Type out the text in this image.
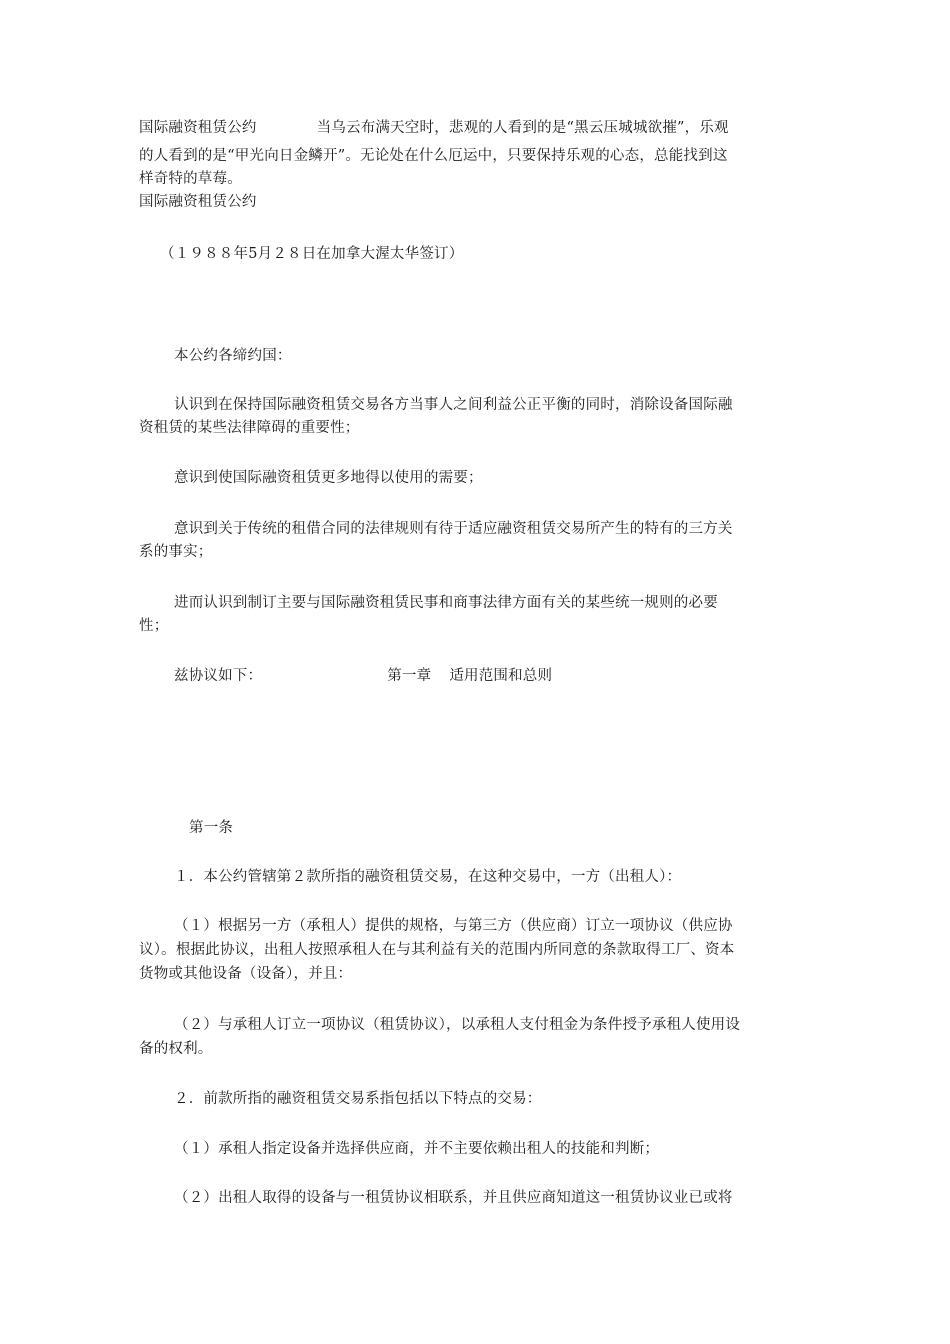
国际融资租赁公约	当乌云布满天空时，悲观的人看到的是“黑云压城城欲摧”，乐观
的人看到的是“甲光向日金鳞开”。无论处在什么厄运中，只要保持乐观的心态，总能找到这
样奇特的草莓。
国际融资租赁公约
（１９８８年5月２８日在加拿大渥太华签订）
本公约各缔约国：
认识到在保持国际融资租赁交易各方当事人之间利益公正平衡的同时，消除设备国际融
资租赁的某些法律障碍的重要性；
意识到使国际融资租赁更多地得以使用的需要；
意识到关于传统的租借合同的法律规则有待于适应融资租赁交易所产生的特有的三方关
系的事实；
进而认识到制订主要与国际融资租赁民事和商事法律方面有关的某些统一规则的必要
性；
兹协议如下：	第一章 适用范围和总则
第一条
１．本公约管辖第２款所指的融资租赁交易，在这种交易中，一方（出租人）：
（１）根据另一方（承租人）提供的规格，与第三方（供应商）订立一项协议（供应协
议）。根据此协议，出租人按照承租人在与其利益有关的范围内所同意的条款取得工厂、资本
货物或其他设备（设备），并且：
（２）与承租人订立一项协议（租赁协议），以承租人支付租金为条件授予承租人使用设
备的权利。
２．前款所指的融资租赁交易系指包括以下特点的交易：
（１）承租人指定设备并选择供应商，并不主要依赖出租人的技能和判断；
（２）出租人取得的设备与一租赁协议相联系，并且供应商知道这一租赁协议业已或将
